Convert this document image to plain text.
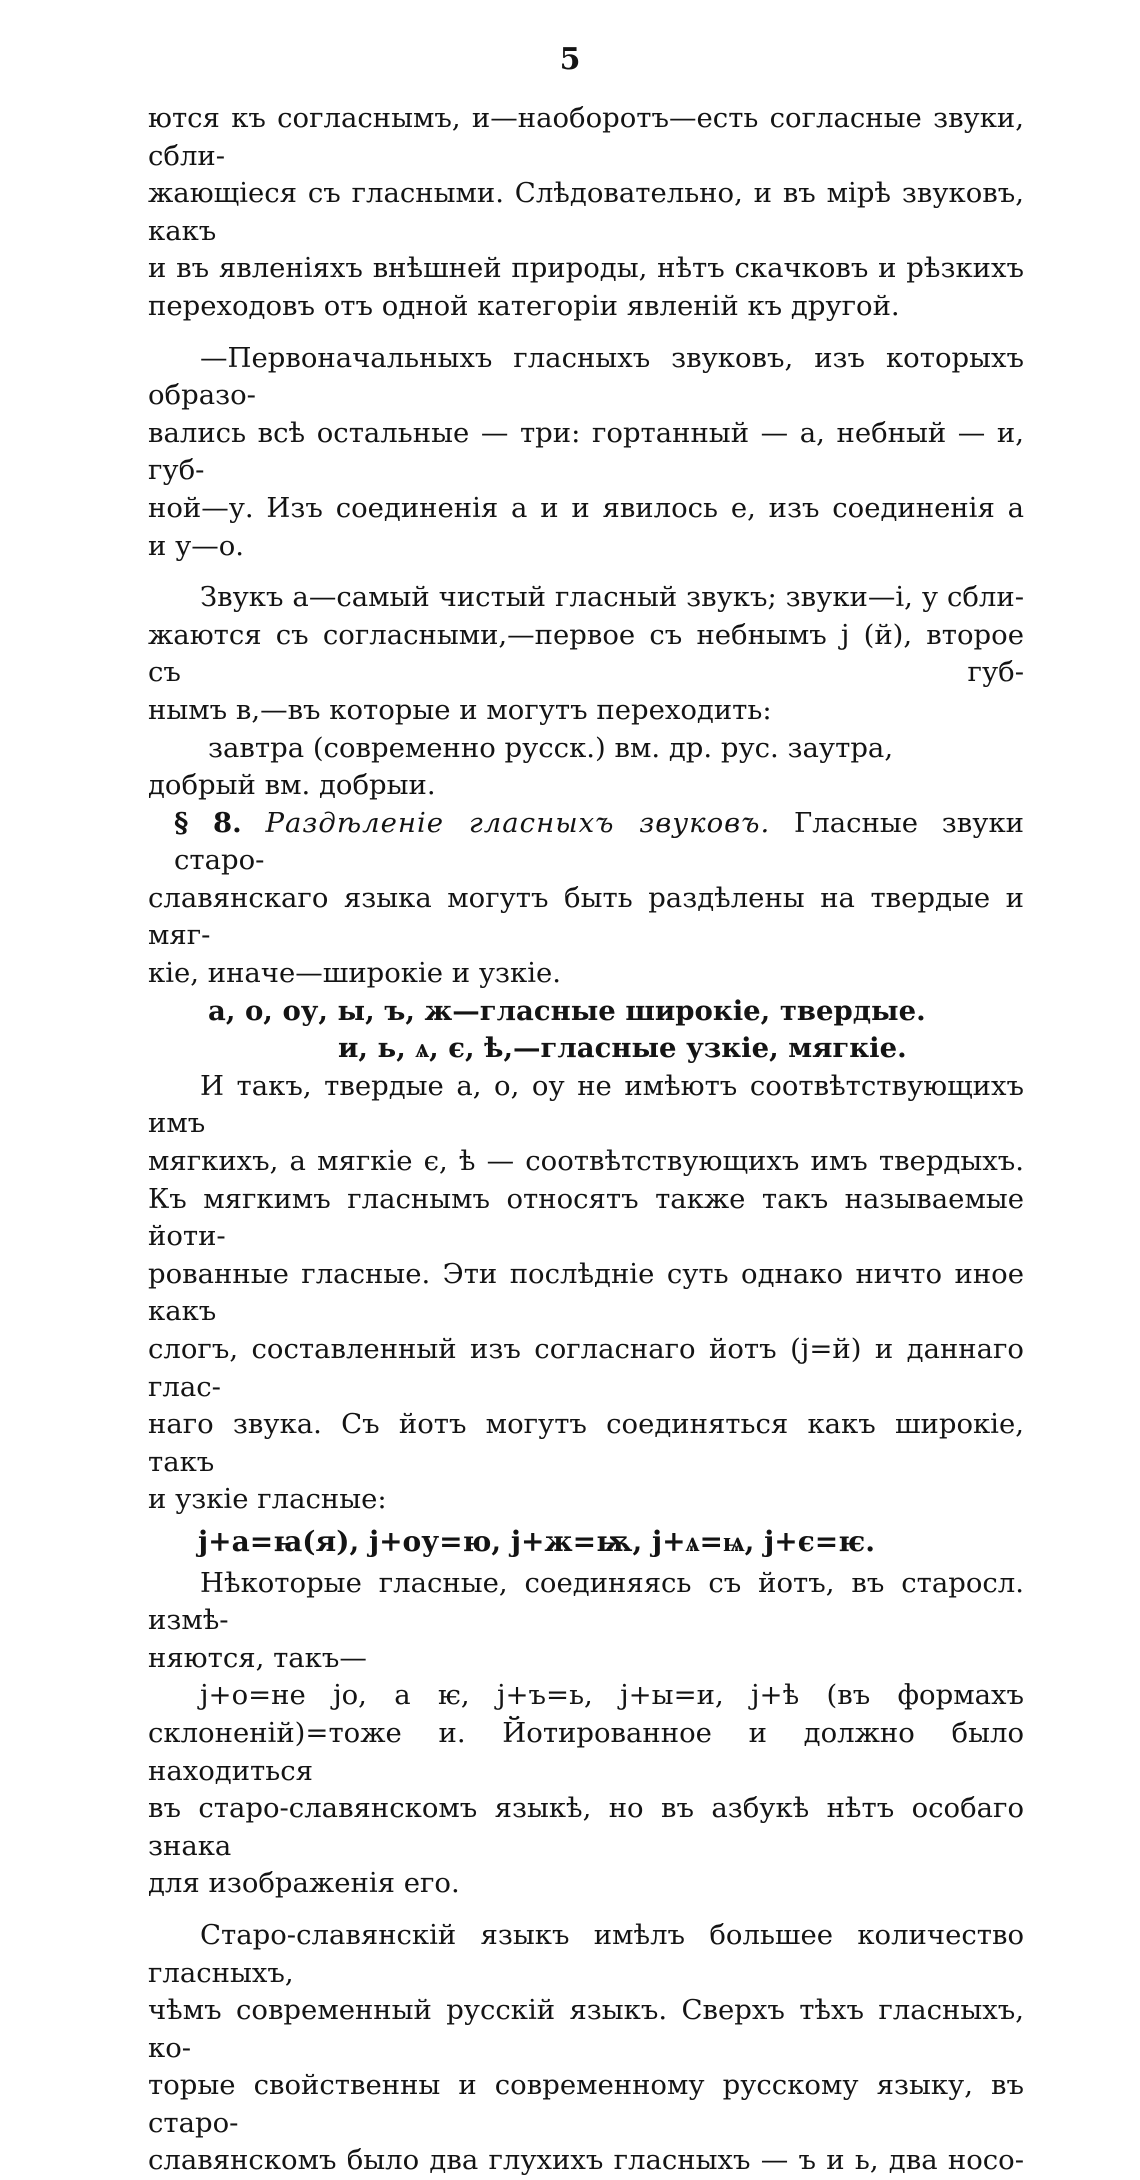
5

ются къ согласнымъ, и—наоборотъ—есть согласные звуки, сбли-

жающіеся съ гласными. Слѣдовательно, и въ мірѣ звуковъ, какъ

и въ явленіяхъ внѣшней природы, нѣтъ скачковъ и рѣзкихъ

переходовъ отъ одной категоріи явленій къ другой.

—Первоначальныхъ гласныхъ звуковъ, изъ которыхъ образо-

вались всѣ остальные — три: гортанный — а, небный — и, губ-

ной—у. Изъ соединенія а и и явилось е, изъ соединенія а

и у—о.

Звукъ а—самый чистый гласный звукъ; звуки—і, у сбли-

жаются съ согласными,—первое съ небнымъ j (й), второе съ губ-

нымъ в,—въ которые и могутъ переходить:

завтра (современно русск.) вм. др. рус. заутра,

добрый вм. добрыи.

§ 8. Раздѣленіе гласныхъ звуковъ. Гласные звуки старо-

славянскаго языка могутъ быть раздѣлены на твердые и мяг-

кіе, иначе—широкіе и узкіе.

а, о, оу, ы, ъ, ж—гласные широкіе, твердые.

и, ь, ѧ, є, ѣ,—гласные узкіе, мягкіе.

И такъ, твердые а, о, оу не имѣютъ соотвѣтствующихъ имъ

мягкихъ, а мягкіе є, ѣ — соотвѣтствующихъ имъ твердыхъ.

Къ мягкимъ гласнымъ относятъ также такъ называемые йоти-

рованные гласные. Эти послѣдніе суть однако ничто иное какъ

слогъ, составленный изъ согласнаго йотъ (j=й) и даннаго глас-

наго звука. Съ йотъ могутъ соединяться какъ широкіе, такъ

и узкіе гласные:

j+а=ꙗ(я), j+оу=ю, j+ж=ѭ, j+ѧ=ѩ, j+є=ѥ.

Нѣкоторые гласные, соединяясь съ йотъ, въ старосл. измѣ-

няются, такъ—

j+о=не jo, а ѥ, j+ъ=ь, j+ы=и, j+ѣ (въ формахъ

склоненій)=тоже и. Йотированное и должно было находиться

въ старо-славянскомъ языкѣ, но въ азбукѣ нѣтъ особаго знака

для изображенія его.

Старо-славянскій языкъ имѣлъ большее количество гласныхъ,

чѣмъ современный русскій языкъ. Сверхъ тѣхъ гласныхъ, ко-

торые свойственны и современному русскому языку, въ старо-

славянскомъ было два глухихъ гласныхъ — ъ и ь, два носо-
